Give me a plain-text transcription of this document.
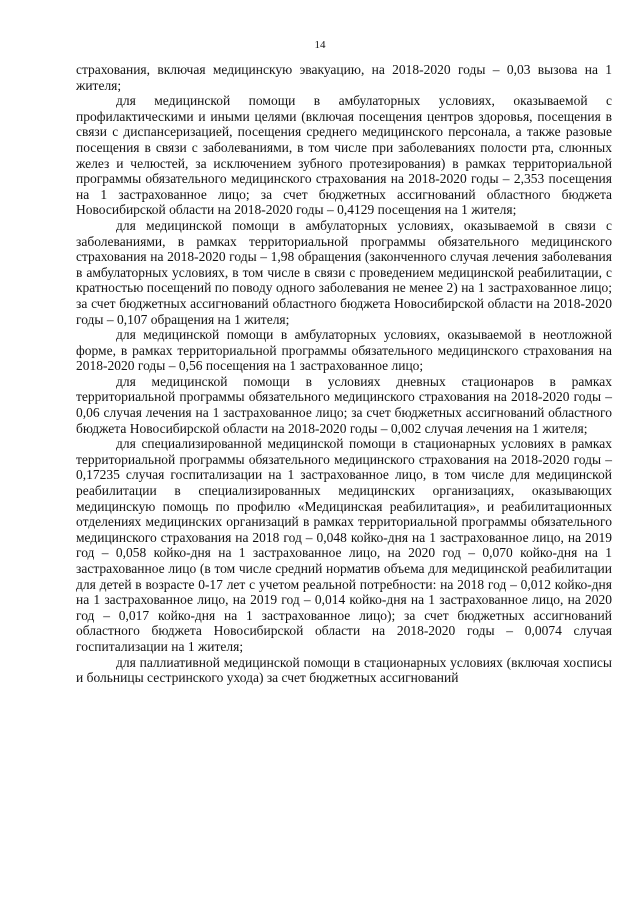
14

страхования, включая медицинскую эвакуацию, на 2018-2020 годы – 0,03 вызова на 1 жителя;

для медицинской помощи в амбулаторных условиях, оказываемой с профилактическими и иными целями (включая посещения центров здоровья, посещения в связи с диспансеризацией, посещения среднего медицинского персонала, а также разовые посещения в связи с заболеваниями, в том числе при заболеваниях полости рта, слюнных желез и челюстей, за исключением зубного протезирования) в рамках территориальной программы обязательного медицинского страхования на 2018-2020 годы – 2,353 посещения на 1 застрахованное лицо; за счет бюджетных ассигнований областного бюджета Новосибирской области на 2018-2020 годы – 0,4129 посещения на 1 жителя;

для медицинской помощи в амбулаторных условиях, оказываемой в связи с заболеваниями, в рамках территориальной программы обязательного медицинского страхования на 2018-2020 годы – 1,98 обращения (законченного случая лечения заболевания в амбулаторных условиях, в том числе в связи с проведением медицинской реабилитации, с кратностью посещений по поводу одного заболевания не менее 2) на 1 застрахованное лицо; за счет бюджетных ассигнований областного бюджета Новосибирской области на 2018-2020 годы – 0,107 обращения на 1 жителя;

для медицинской помощи в амбулаторных условиях, оказываемой в неотложной форме, в рамках территориальной программы обязательного медицинского страхования на 2018-2020 годы – 0,56 посещения на 1 застрахованное лицо;

для медицинской помощи в условиях дневных стационаров в рамках территориальной программы обязательного медицинского страхования на 2018-2020 годы – 0,06 случая лечения на 1 застрахованное лицо; за счет бюджетных ассигнований областного бюджета Новосибирской области на 2018-2020 годы – 0,002 случая лечения на 1 жителя;

для специализированной медицинской помощи в стационарных условиях в рамках территориальной программы обязательного медицинского страхования на 2018-2020 годы – 0,17235 случая госпитализации на 1 застрахованное лицо, в том числе для медицинской реабилитации в специализированных медицинских организациях, оказывающих медицинскую помощь по профилю «Медицинская реабилитация», и реабилитационных отделениях медицинских организаций в рамках территориальной программы обязательного медицинского страхования на 2018 год – 0,048 койко-дня на 1 застрахованное лицо, на 2019 год – 0,058 койко-дня на 1 застрахованное лицо, на 2020 год – 0,070 койко-дня на 1 застрахованное лицо (в том числе средний норматив объема для медицинской реабилитации для детей в возрасте 0-17 лет с учетом реальной потребности: на 2018 год – 0,012 койко-дня на 1 застрахованное лицо, на 2019 год – 0,014 койко-дня на 1 застрахованное лицо, на 2020 год – 0,017 койко-дня на 1 застрахованное лицо); за счет бюджетных ассигнований областного бюджета Новосибирской области на 2018-2020 годы – 0,0074 случая госпитализации на 1 жителя;

для паллиативной медицинской помощи в стационарных условиях (включая хосписы и больницы сестринского ухода) за счет бюджетных ассигнований
